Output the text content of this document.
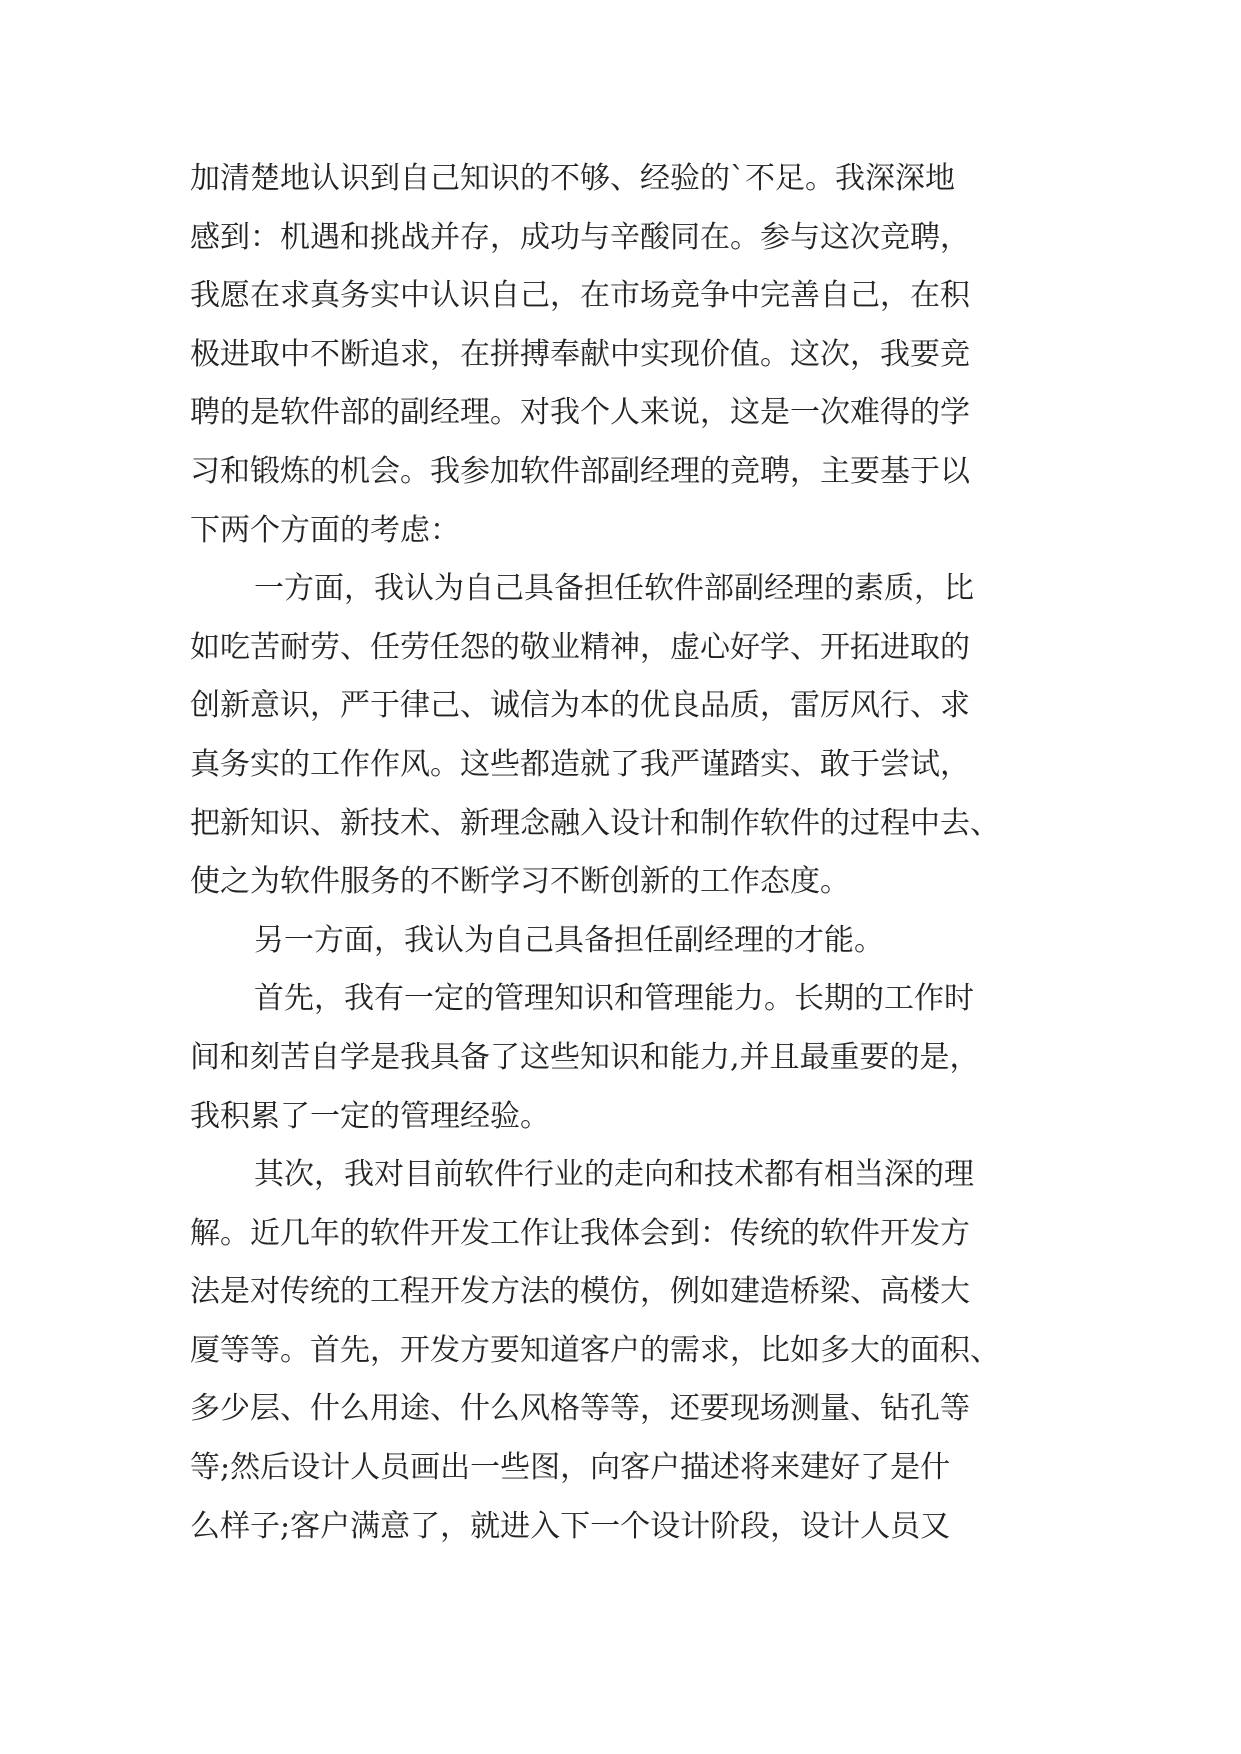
加清楚地认识到自己知识的不够、经验的`不足。我深深地
感到：机遇和挑战并存，成功与辛酸同在。参与这次竞聘，
我愿在求真务实中认识自己，在市场竞争中完善自己，在积
极进取中不断追求，在拼搏奉献中实现价值。这次，我要竞
聘的是软件部的副经理。对我个人来说，这是一次难得的学
习和锻炼的机会。我参加软件部副经理的竞聘，主要基于以
下两个方面的考虑：
一方面，我认为自己具备担任软件部副经理的素质，比
如吃苦耐劳、任劳任怨的敬业精神，虚心好学、开拓进取的
创新意识，严于律己、诚信为本的优良品质，雷厉风行、求
真务实的工作作风。这些都造就了我严谨踏实、敢于尝试，
把新知识、新技术、新理念融入设计和制作软件的过程中去、
使之为软件服务的不断学习不断创新的工作态度。
另一方面，我认为自己具备担任副经理的才能。
首先，我有一定的管理知识和管理能力。长期的工作时
间和刻苦自学是我具备了这些知识和能力,并且最重要的是，
我积累了一定的管理经验。
其次，我对目前软件行业的走向和技术都有相当深的理
解。近几年的软件开发工作让我体会到：传统的软件开发方
法是对传统的工程开发方法的模仿，例如建造桥梁、高楼大
厦等等。首先，开发方要知道客户的需求，比如多大的面积、
多少层、什么用途、什么风格等等，还要现场测量、钻孔等
等;然后设计人员画出一些图，向客户描述将来建好了是什
么样子;客户满意了，就进入下一个设计阶段，设计人员又
